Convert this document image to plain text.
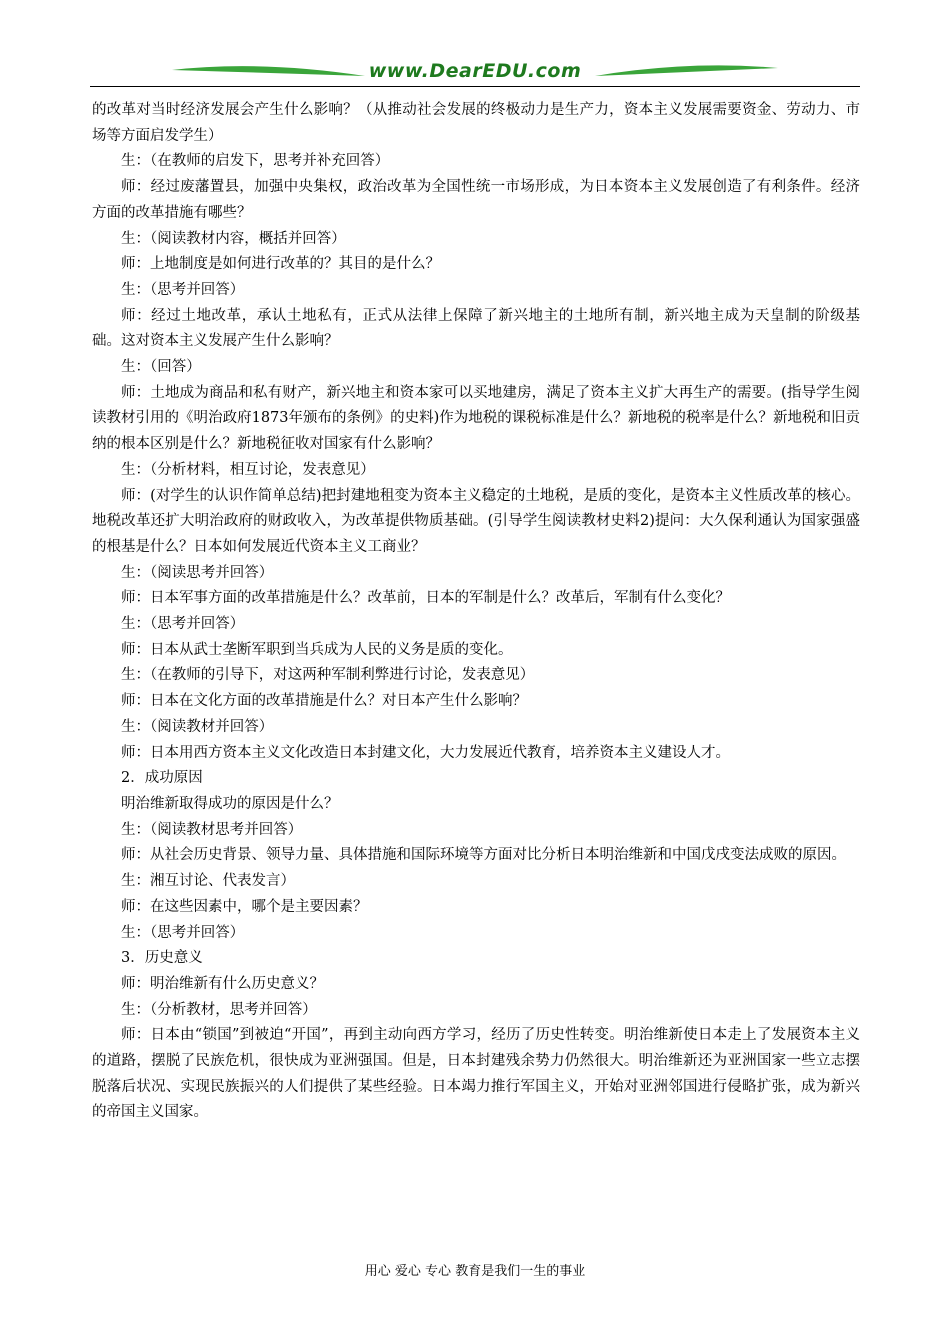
www.DearEDU.com

的改革对当时经济发展会产生什么影响？（从推动社会发展的终极动力是生产力，资本主义发展需要资金、劳动力、市场等方面启发学生）

生：（在教师的启发下，思考并补充回答）

师：经过废藩置县，加强中央集权，政治改革为全国性统一市场形成，为日本资本主义发展创造了有利条件。经济方面的改革措施有哪些？

生：（阅读教材内容，概括并回答）

师：上地制度是如何进行改革的？其目的是什么？

生：（思考并回答）

师：经过土地改革，承认土地私有，正式从法律上保障了新兴地主的土地所有制，新兴地主成为天皇制的阶级基础。这对资本主义发展产生什么影响？

生：（回答）

师：土地成为商品和私有财产，新兴地主和资本家可以买地建房，满足了资本主义扩大再生产的需要。(指导学生阅读教材引用的《明治政府1873年颁布的条例》的史料)作为地税的课税标准是什么？新地税的税率是什么？新地税和旧贡纳的根本区别是什么？新地税征收对国家有什么影响？

生：（分析材料，相互讨论，发表意见）

师：(对学生的认识作简单总结)把封建地租变为资本主义稳定的土地税，是质的变化，是资本主义性质改革的核心。地税改革还扩大明治政府的财政收入，为改革提供物质基础。(引导学生阅读教材史料2)提问：大久保利通认为国家强盛的根基是什么？日本如何发展近代资本主义工商业？

生：（阅读思考并回答）

师：日本军事方面的改革措施是什么？改革前，日本的军制是什么？改革后，军制有什么变化？

生：（思考并回答）

师：日本从武士垄断军职到当兵成为人民的义务是质的变化。

生：（在教师的引导下，对这两种军制利弊进行讨论，发表意见）

师：日本在文化方面的改革措施是什么？对日本产生什么影响？

生：（阅读教材并回答）

师：日本用西方资本主义文化改造日本封建文化，大力发展近代教育，培养资本主义建设人才。

2．成功原因

明治维新取得成功的原因是什么？

生：（阅读教材思考并回答）

师：从社会历史背景、领导力量、具体措施和国际环境等方面对比分析日本明治维新和中国戊戌变法成败的原因。

生：湘互讨论、代表发言）

师：在这些因素中，哪个是主要因素？

生：（思考并回答）

3．历史意义

师：明治维新有什么历史意义？

生：（分析教材，思考并回答）

师：日本由“锁国”到被迫“开国”，再到主动向西方学习，经历了历史性转变。明治维新使日本走上了发展资本主义的道路，摆脱了民族危机，很快成为亚洲强国。但是，日本封建残余势力仍然很大。明治维新还为亚洲国家一些立志摆脱落后状况、实现民族振兴的人们提供了某些经验。日本竭力推行军国主义，开始对亚洲邻国进行侵略扩张，成为新兴的帝国主义国家。

用心 爱心 专心 教育是我们一生的事业
